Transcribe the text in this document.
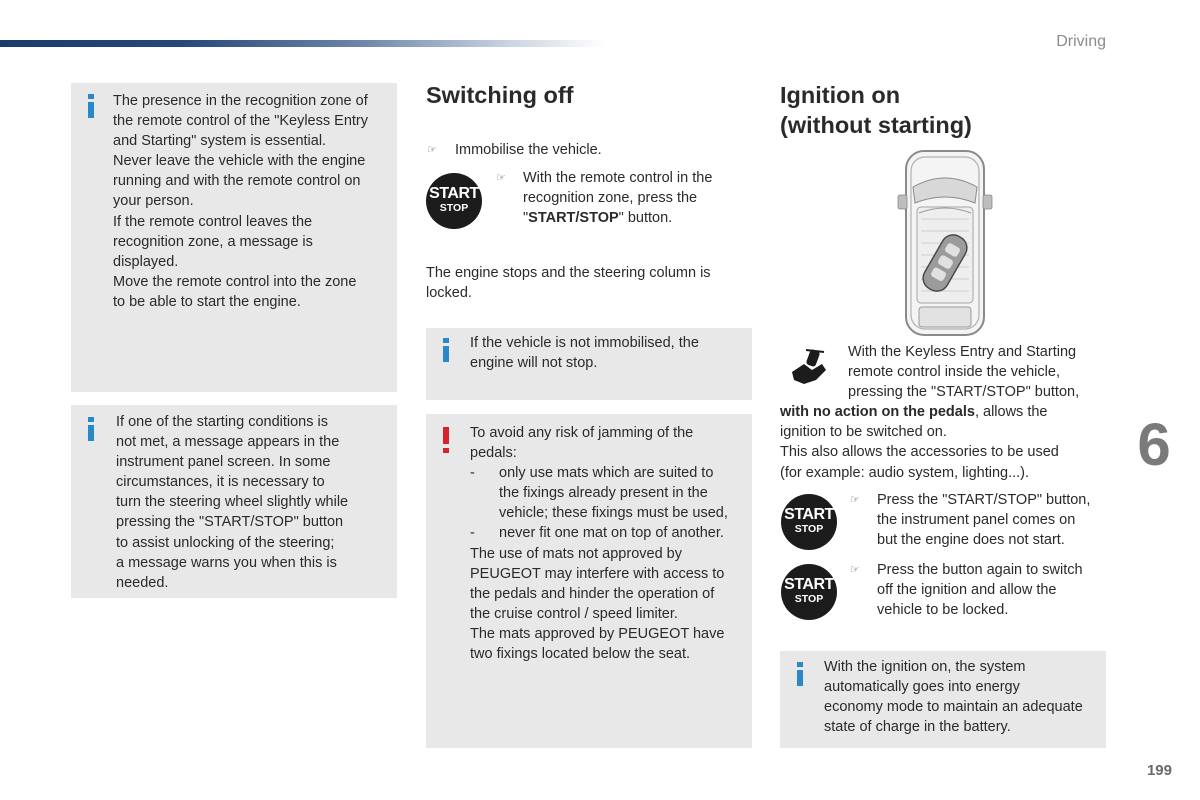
Driving
The presence in the recognition zone of
the remote control of the "Keyless Entry
and Starting" system is essential.
Never leave the vehicle with the engine
running and with the remote control on
your person.
If the remote control leaves the
recognition zone, a message is
displayed.
Move the remote control into the zone
to be able to start the engine.
If one of the starting conditions is
not met, a message appears in the
instrument panel screen. In some
circumstances, it is necessary to
turn the steering wheel slightly while
pressing the "START/STOP" button
to assist unlocking of the steering;
a message warns you when this is
needed.
Switching off
☞ Immobilise the vehicle.
START
STOP
☞ With the remote control in the
recognition zone, press the
"START/STOP" button.
The engine stops and the steering column is
locked.
If the vehicle is not immobilised, the
engine will not stop.
To avoid any risk of jamming of the
pedals:
- only use mats which are suited to
the fixings already present in the
vehicle; these fixings must be used,
- never fit one mat on top of another.
The use of mats not approved by
PEUGEOT may interfere with access to
the pedals and hinder the operation of
the cruise control / speed limiter.
The mats approved by PEUGEOT have
two fixings located below the seat.
Ignition on
(without starting)
With the Keyless Entry and Starting
remote control inside the vehicle,
pressing the "START/STOP" button,
with no action on the pedals, allows the
ignition to be switched on.
This also allows the accessories to be used
(for example: audio system, lighting...).
START
STOP
☞ Press the "START/STOP" button,
the instrument panel comes on
but the engine does not start.
START
STOP
☞ Press the button again to switch
off the ignition and allow the
vehicle to be locked.
With the ignition on, the system
automatically goes into energy
economy mode to maintain an adequate
state of charge in the battery.
6
199
